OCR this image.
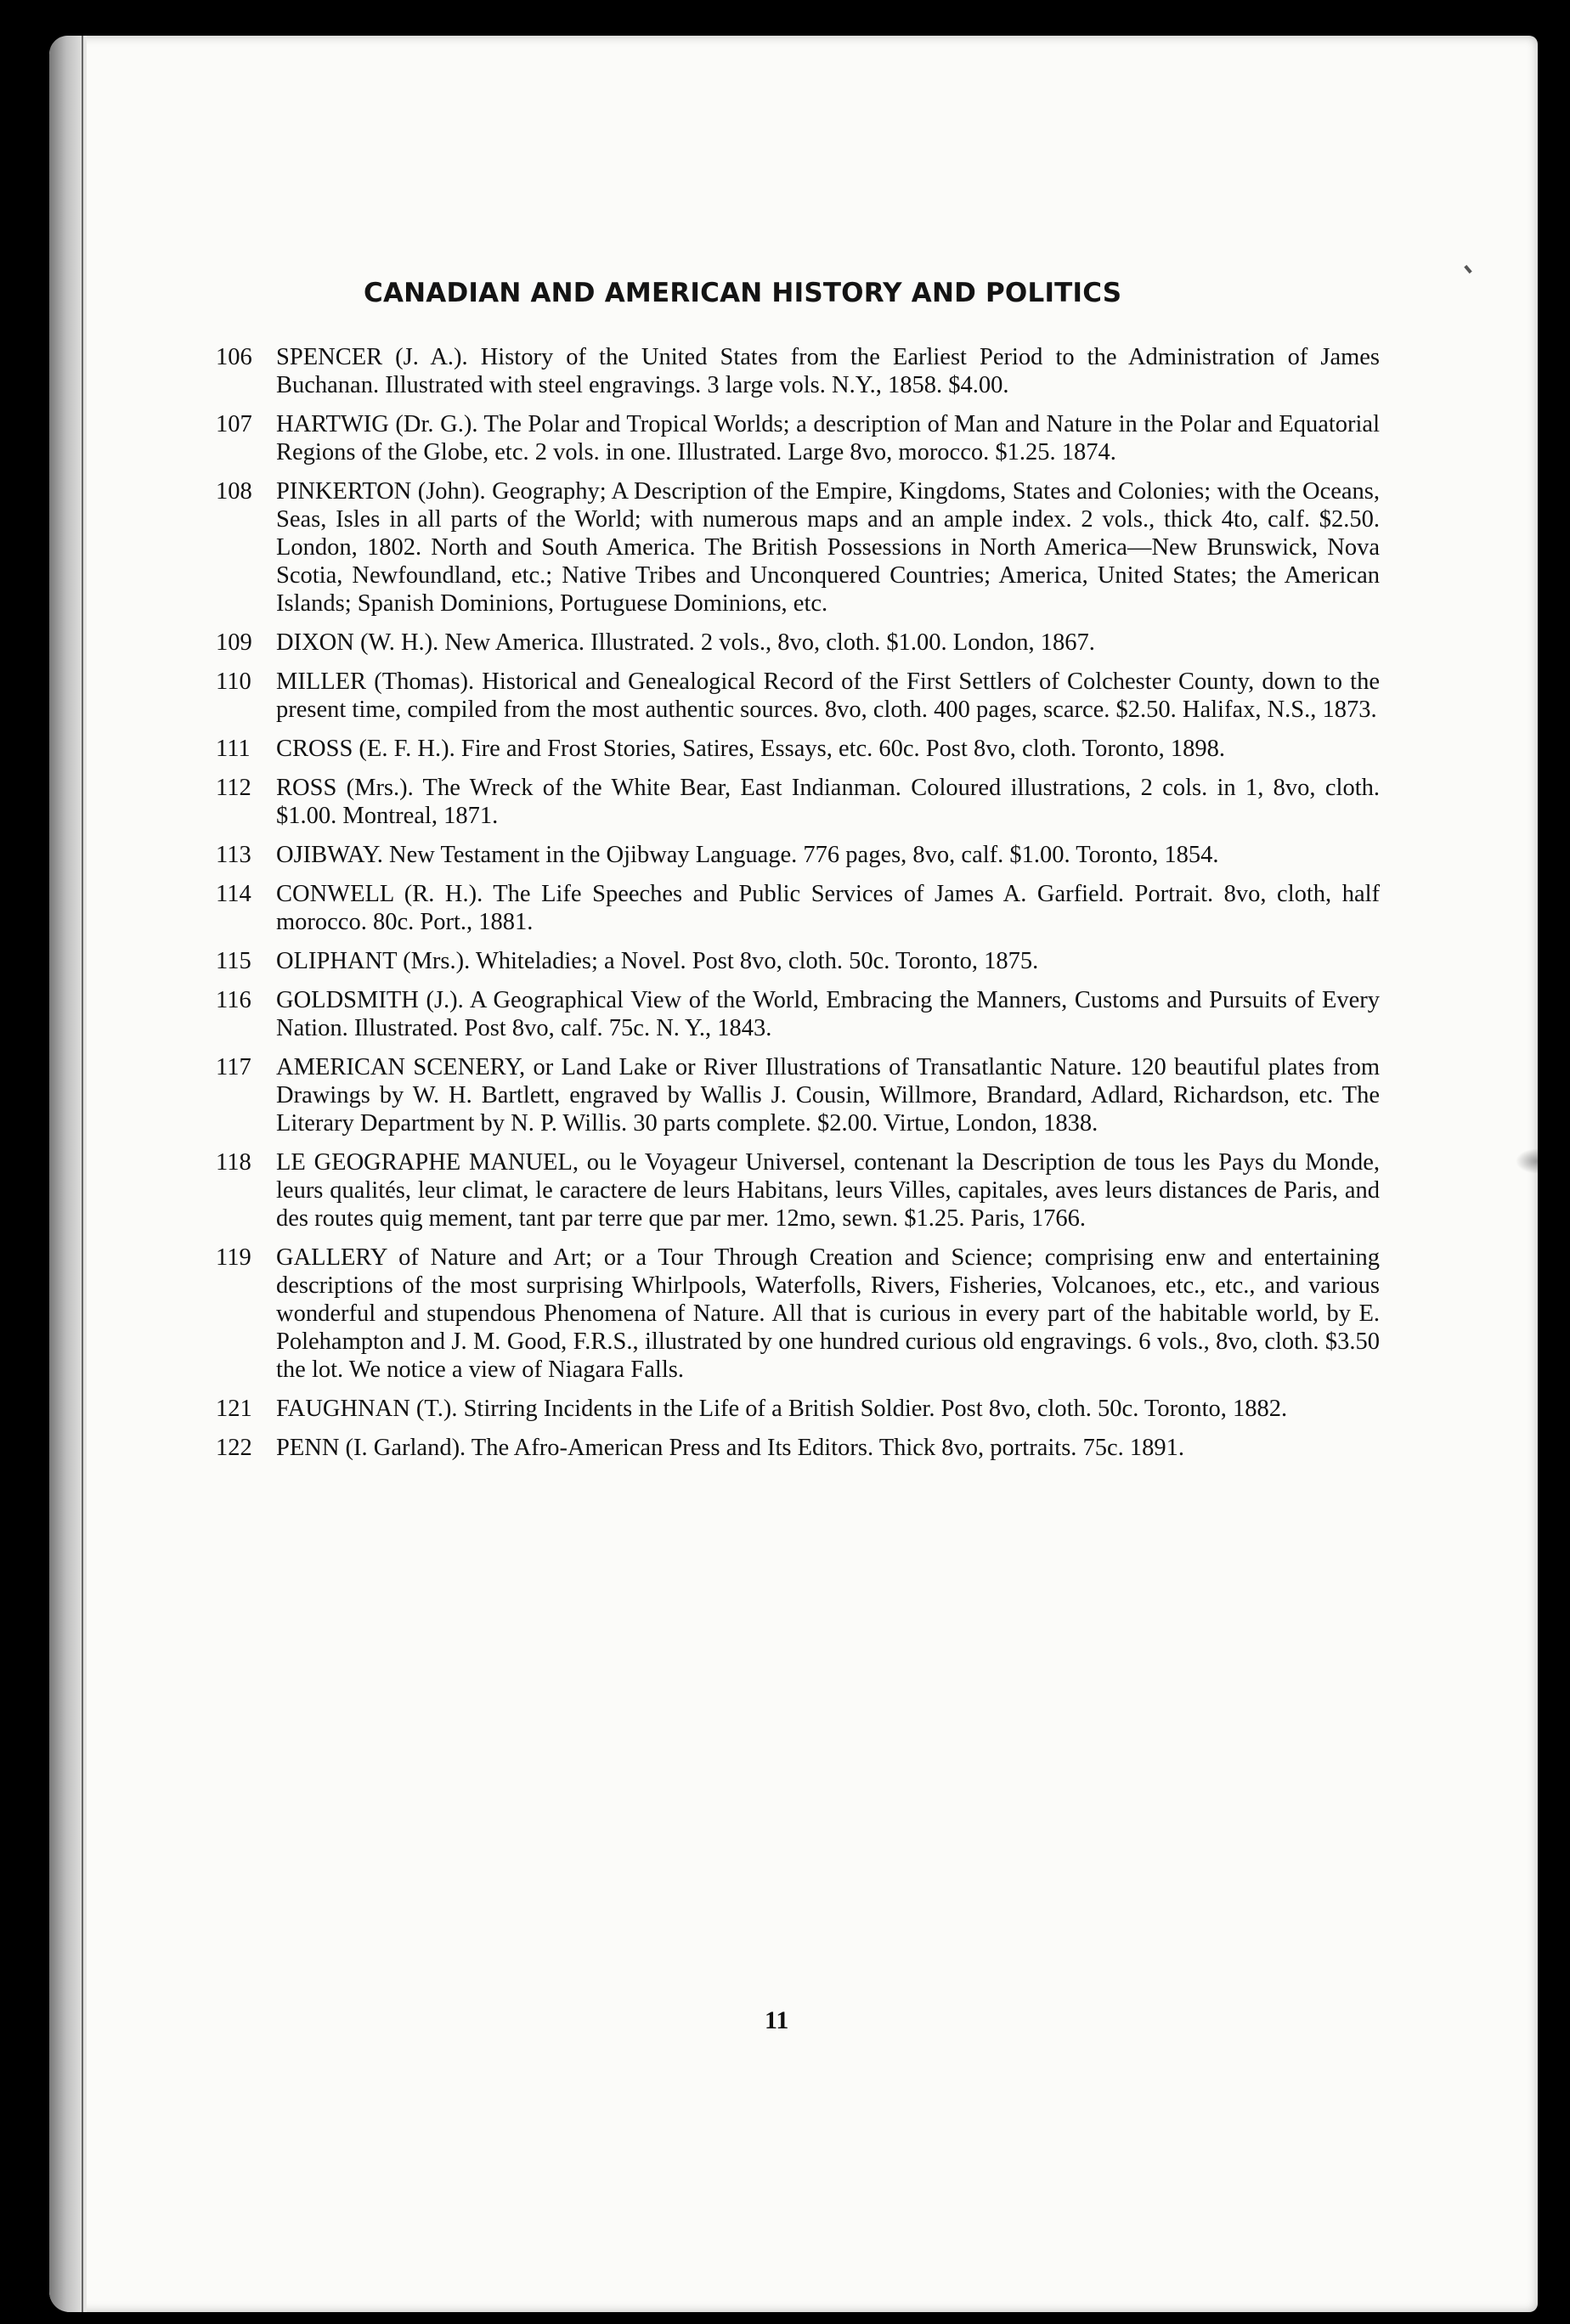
CANADIAN AND AMERICAN HISTORY AND POLITICS
106 SPENCER (J. A.). History of the United States from the Earliest Period to the Administration of James Buchanan. Illustrated with steel engravings. 3 large vols. N.Y., 1858. $4.00.
107 HARTWIG (Dr. G.). The Polar and Tropical Worlds; a description of Man and Nature in the Polar and Equatorial Regions of the Globe, etc. 2 vols. in one. Illustrated. Large 8vo, morocco. $1.25. 1874.
108 PINKERTON (John). Geography; A Description of the Empire, Kingdoms, States and Colonies; with the Oceans, Seas, Isles in all parts of the World; with numerous maps and an ample index. 2 vols., thick 4to, calf. $2.50. London, 1802. North and South America. The British Possessions in North America—New Brunswick, Nova Scotia, Newfoundland, etc.; Native Tribes and Unconquered Countries; America, United States; the American Islands; Spanish Dominions, Portuguese Dominions, etc.
109 DIXON (W. H.). New America. Illustrated. 2 vols., 8vo, cloth. $1.00. London, 1867.
110 MILLER (Thomas). Historical and Genealogical Record of the First Settlers of Colchester County, down to the present time, compiled from the most authentic sources. 8vo, cloth. 400 pages, scarce. $2.50. Halifax, N.S., 1873.
111 CROSS (E. F. H.). Fire and Frost Stories, Satires, Essays, etc. 60c. Post 8vo, cloth. Toronto, 1898.
112 ROSS (Mrs.). The Wreck of the White Bear, East Indianman. Coloured illustrations, 2 cols. in 1, 8vo, cloth. $1.00. Montreal, 1871.
113 OJIBWAY. New Testament in the Ojibway Language. 776 pages, 8vo, calf. $1.00. Toronto, 1854.
114 CONWELL (R. H.). The Life Speeches and Public Services of James A. Garfield. Portrait. 8vo, cloth, half morocco. 80c. Port., 1881.
115 OLIPHANT (Mrs.). Whiteladies; a Novel. Post 8vo, cloth. 50c. Toronto, 1875.
116 GOLDSMITH (J.). A Geographical View of the World, Embracing the Manners, Customs and Pursuits of Every Nation. Illustrated. Post 8vo, calf. 75c. N. Y., 1843.
117 AMERICAN SCENERY, or Land Lake or River Illustrations of Transatlantic Nature. 120 beautiful plates from Drawings by W. H. Bartlett, engraved by Wallis J. Cousin, Willmore, Brandard, Adlard, Richardson, etc. The Literary Department by N. P. Willis. 30 parts complete. $2.00. Virtue, London, 1838.
118 LE GEOGRAPHE MANUEL, ou le Voyageur Universel, contenant la Description de tous les Pays du Monde, leurs qualités, leur climat, le caractere de leurs Habitans, leurs Villes, capitales, aves leurs distances de Paris, and des routes quig mement, tant par terre que par mer. 12mo, sewn. $1.25. Paris, 1766.
119 GALLERY of Nature and Art; or a Tour Through Creation and Science; comprising enw and entertaining descriptions of the most surprising Whirlpools, Waterfolls, Rivers, Fisheries, Volcanoes, etc., etc., and various wonderful and stupendous Phenomena of Nature. All that is curious in every part of the habitable world, by E. Polehampton and J. M. Good, F.R.S., illustrated by one hundred curious old engravings. 6 vols., 8vo, cloth. $3.50 the lot. We notice a view of Niagara Falls.
121 FAUGHNAN (T.). Stirring Incidents in the Life of a British Soldier. Post 8vo, cloth. 50c. Toronto, 1882.
122 PENN (I. Garland). The Afro-American Press and Its Editors. Thick 8vo, portraits. 75c. 1891.
11
